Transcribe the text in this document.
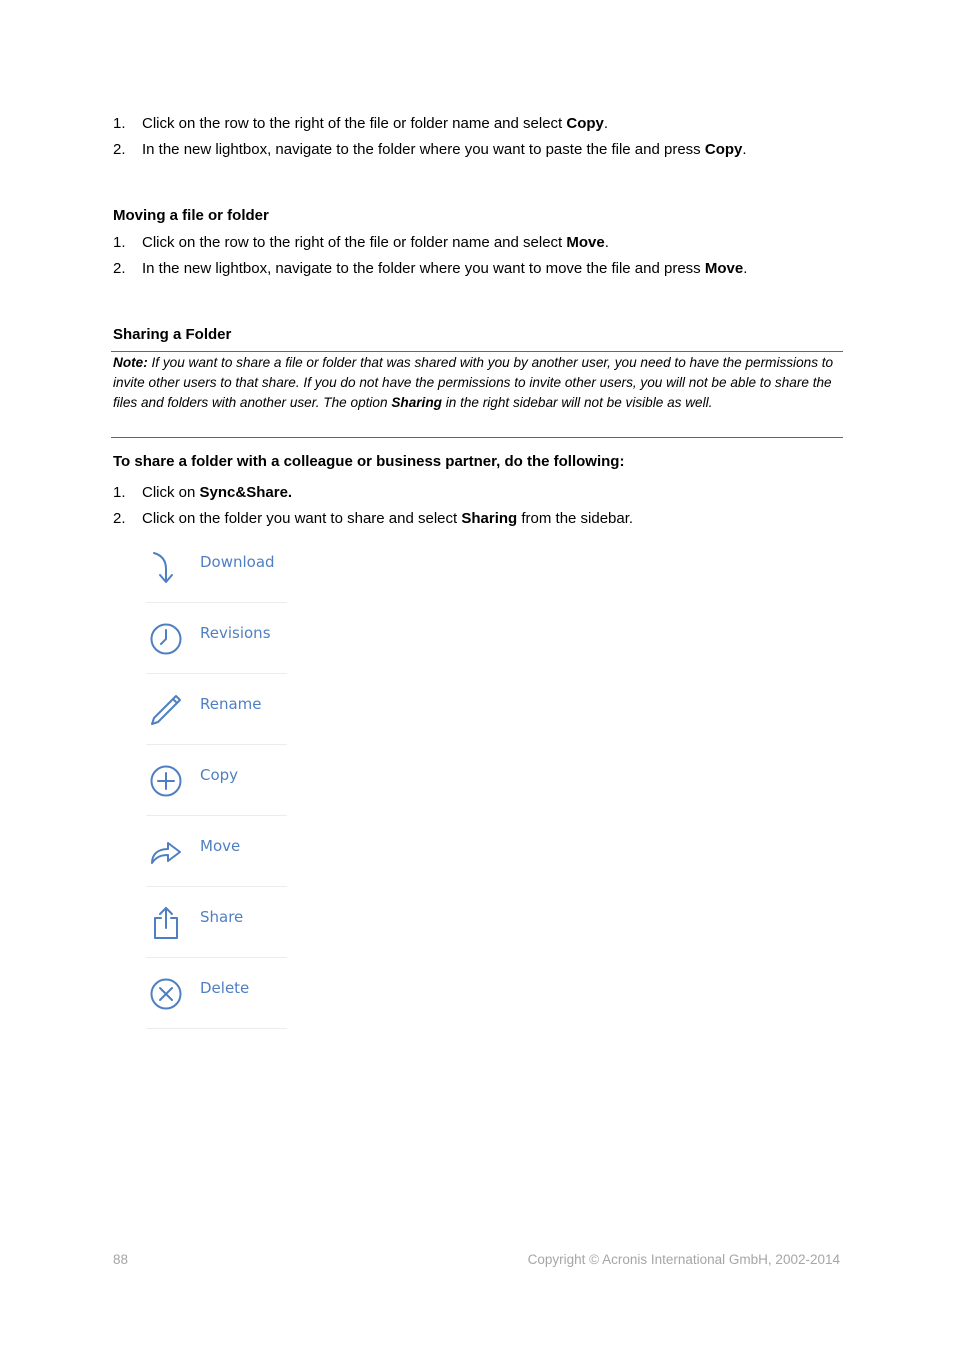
1. Click on the row to the right of the file or folder name and select Copy.
2. In the new lightbox, navigate to the folder where you want to paste the file and press Copy.
Moving a file or folder
1. Click on the row to the right of the file or folder name and select Move.
2. In the new lightbox, navigate to the folder where you want to move the file and press Move.
Sharing a Folder

Note: If you want to share a file or folder that was shared with you by another user, you need to have the permissions to invite other users to that share. If you do not have the permissions to invite other users, you will not be able to share the files and folders with another user. The option Sharing in the right sidebar will not be visible as well.

To share a folder with a colleague or business partner, do the following:
1. Click on Sync&Share.
2. Click on the folder you want to share and select Sharing from the sidebar.
Download
Revisions
Rename
Copy
Move
Share
Delete
88	Copyright © Acronis International GmbH, 2002-2014
